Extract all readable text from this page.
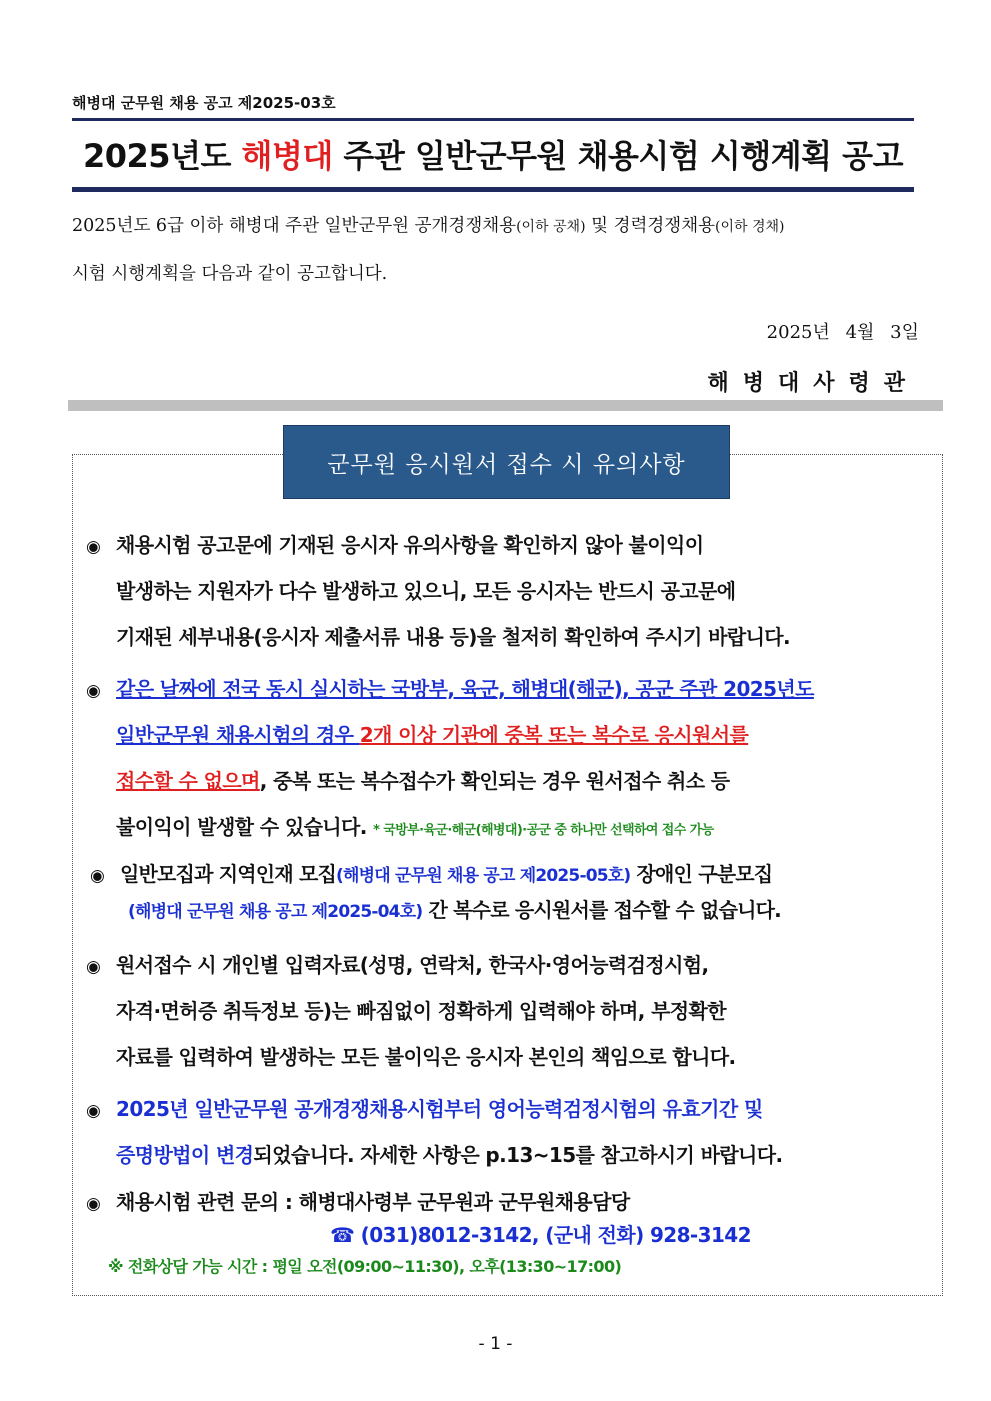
해병대 군무원 채용 공고 제2025-03호
2025년도 해병대 주관 일반군무원 채용시험 시행계획 공고
2025년도 6급 이하 해병대 주관 일반군무원 공개경쟁채용(이하 공채) 및 경력경쟁채용(이하 경채)
시험 시행계획을 다음과 같이 공고합니다.
2025년 4월 3일
해병대사령관
군무원 응시원서 접수 시 유의사항
◉ 채용시험 공고문에 기재된 응시자 유의사항을 확인하지 않아 불이익이
발생하는 지원자가 다수 발생하고 있으니, 모든 응시자는 반드시 공고문에
기재된 세부내용(응시자 제출서류 내용 등)을 철저히 확인하여 주시기 바랍니다.
◉ 같은 날짜에 전국 동시 실시하는 국방부, 육군, 해병대(해군), 공군 주관 2025년도
일반군무원 채용시험의 경우 2개 이상 기관에 중복 또는 복수로 응시원서를
접수할 수 없으며, 중복 또는 복수접수가 확인되는 경우 원서접수 취소 등
불이익이 발생할 수 있습니다. * 국방부·육군·해군(해병대)·공군 중 하나만 선택하여 접수 가능
◉ 일반모집과 지역인재 모집(해병대 군무원 채용 공고 제2025-05호) 장애인 구분모집
(해병대 군무원 채용 공고 제2025-04호) 간 복수로 응시원서를 접수할 수 없습니다.
◉ 원서접수 시 개인별 입력자료(성명, 연락처, 한국사·영어능력검정시험,
자격·면허증 취득정보 등)는 빠짐없이 정확하게 입력해야 하며, 부정확한
자료를 입력하여 발생하는 모든 불이익은 응시자 본인의 책임으로 합니다.
◉ 2025년 일반군무원 공개경쟁채용시험부터 영어능력검정시험의 유효기간 및
증명방법이 변경되었습니다. 자세한 사항은 p.13~15를 참고하시기 바랍니다.
◉ 채용시험 관련 문의 : 해병대사령부 군무원과 군무원채용담당
☎ (031)8012-3142, (군내 전화) 928-3142
※ 전화상담 가능 시간 : 평일 오전(09:00~11:30), 오후(13:30~17:00)
- 1 -
